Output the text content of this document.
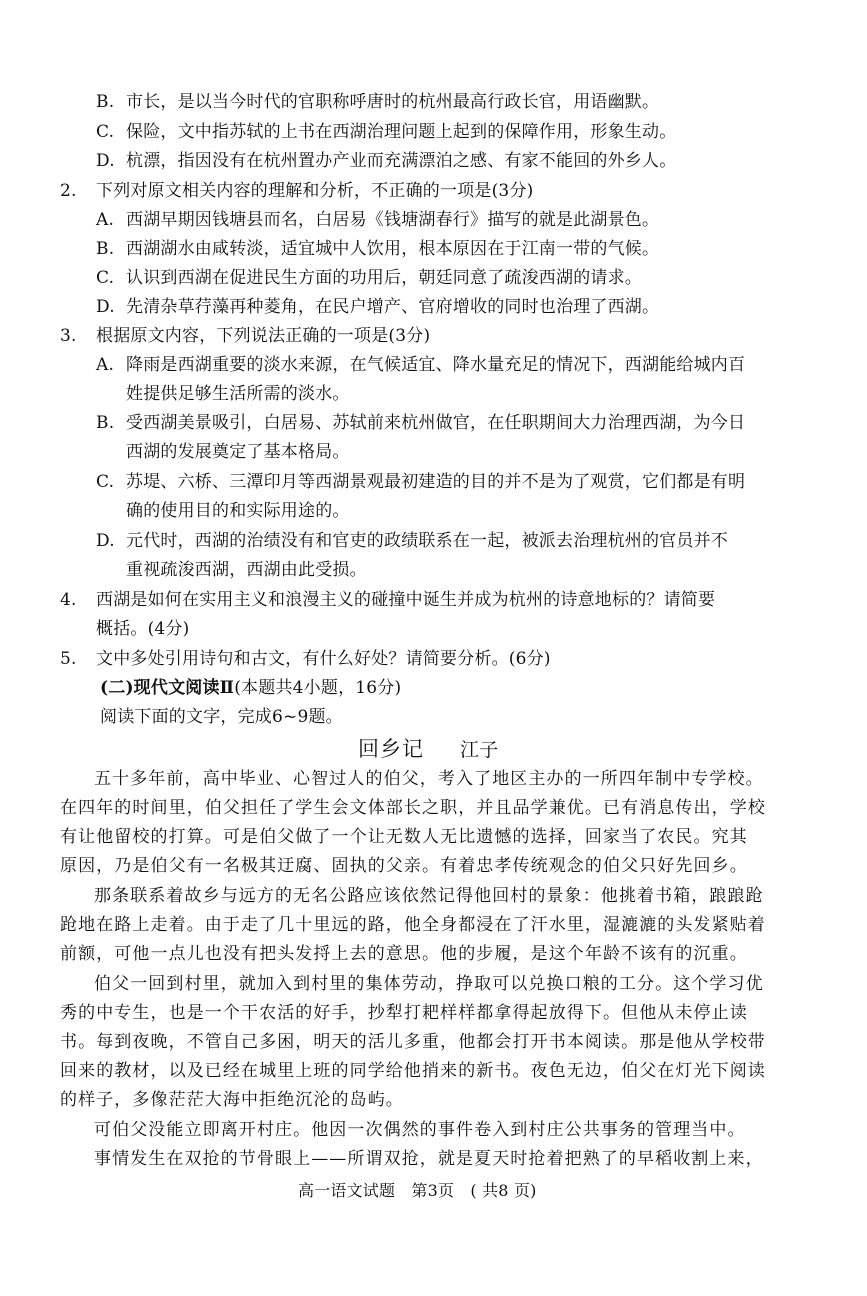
B. 市长，是以当今时代的官职称呼唐时的杭州最高行政长官，用语幽默。
C. 保险，文中指苏轼的上书在西湖治理问题上起到的保障作用，形象生动。
D. 杭漂，指因没有在杭州置办产业而充满漂泊之感、有家不能回的外乡人。
2. 下列对原文相关内容的理解和分析，不正确的一项是(3分)
A. 西湖早期因钱塘县而名，白居易《钱塘湖春行》描写的就是此湖景色。
B. 西湖湖水由咸转淡，适宜城中人饮用，根本原因在于江南一带的气候。
C. 认识到西湖在促进民生方面的功用后，朝廷同意了疏浚西湖的请求。
D. 先清杂草荇藻再种菱角，在民户增产、官府增收的同时也治理了西湖。
3. 根据原文内容，下列说法正确的一项是(3分)
A. 降雨是西湖重要的淡水来源，在气候适宜、降水量充足的情况下，西湖能给城内百
姓提供足够生活所需的淡水。
B. 受西湖美景吸引，白居易、苏轼前来杭州做官，在任职期间大力治理西湖，为今日
西湖的发展奠定了基本格局。
C. 苏堤、六桥、三潭印月等西湖景观最初建造的目的并不是为了观赏，它们都是有明
确的使用目的和实际用途的。
D. 元代时，西湖的治绩没有和官吏的政绩联系在一起，被派去治理杭州的官员并不
重视疏浚西湖，西湖由此受损。
4. 西湖是如何在实用主义和浪漫主义的碰撞中诞生并成为杭州的诗意地标的？请简要
概括。(4分)
5. 文中多处引用诗句和古文，有什么好处？请简要分析。(6分)
(二)现代文阅读Ⅱ(本题共4小题，16分)
阅读下面的文字，完成6~9题。
回乡记 江子
五十多年前，高中毕业、心智过人的伯父，考入了地区主办的一所四年制中专学校。
在四年的时间里，伯父担任了学生会文体部长之职，并且品学兼优。已有消息传出，学校
有让他留校的打算。可是伯父做了一个让无数人无比遗憾的选择，回家当了农民。究其
原因，乃是伯父有一名极其迂腐、固执的父亲。有着忠孝传统观念的伯父只好先回乡。
那条联系着故乡与远方的无名公路应该依然记得他回村的景象：他挑着书箱，踉踉跄
跄地在路上走着。由于走了几十里远的路，他全身都浸在了汗水里，湿漉漉的头发紧贴着
前额，可他一点儿也没有把头发捋上去的意思。他的步履，是这个年龄不该有的沉重。
伯父一回到村里，就加入到村里的集体劳动，挣取可以兑换口粮的工分。这个学习优
秀的中专生，也是一个干农活的好手，抄犁打耙样样都拿得起放得下。但他从未停止读
书。每到夜晚，不管自己多困，明天的活儿多重，他都会打开书本阅读。那是他从学校带
回来的教材，以及已经在城里上班的同学给他捎来的新书。夜色无边，伯父在灯光下阅读
的样子，多像茫茫大海中拒绝沉沦的岛屿。
可伯父没能立即离开村庄。他因一次偶然的事件卷入到村庄公共事务的管理当中。
事情发生在双抢的节骨眼上——所谓双抢，就是夏天时抢着把熟了的早稻收割上来，
高一语文试题　第3页　( 共8 页)
